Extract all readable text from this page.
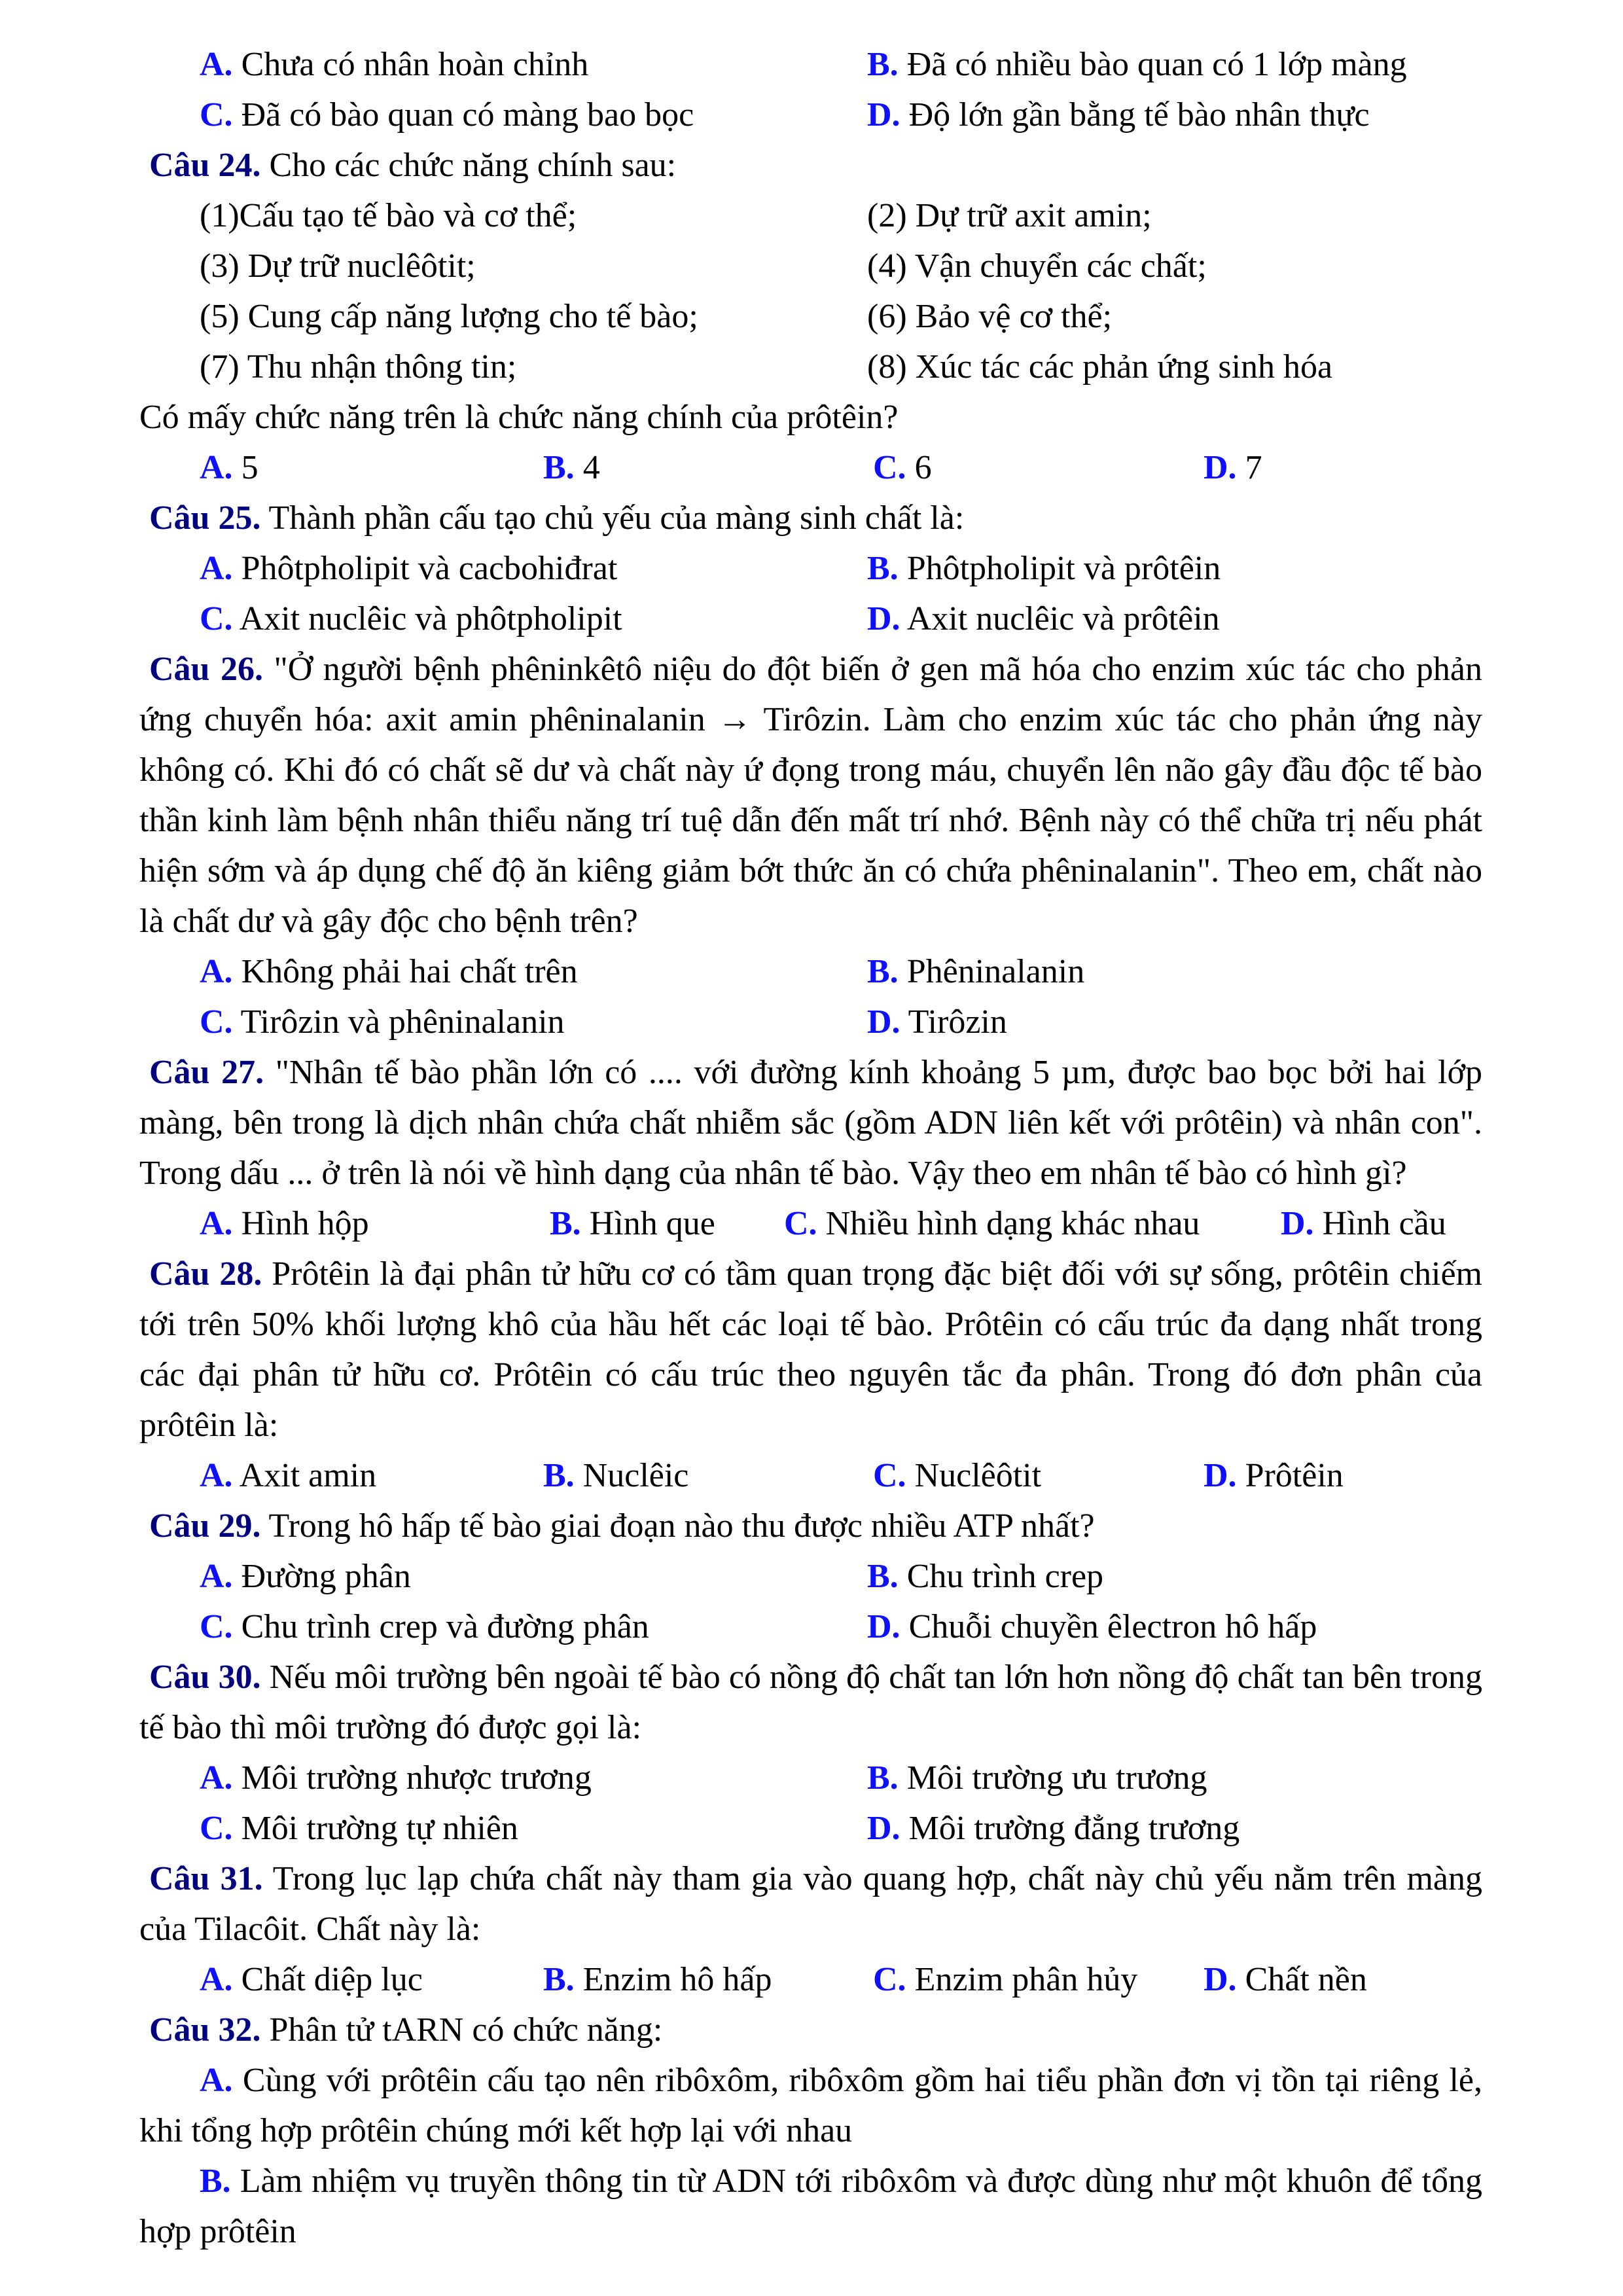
A. Chưa có nhân hoàn chỉnh	B. Đã có nhiều bào quan có 1 lớp màng
C. Đã có bào quan có màng bao bọc	D. Độ lớn gần bằng tế bào nhân thực

Câu 24. Cho các chức năng chính sau:

(1)Cấu tạo tế bào và cơ thể;	(2) Dự trữ axit amin;
(3) Dự trữ nuclêôtit;	(4) Vận chuyển các chất;
(5) Cung cấp năng lượng cho tế bào;	(6) Bảo vệ cơ thể;
(7) Thu nhận thông tin;	(8) Xúc tác các phản ứng sinh hóa

Có mấy chức năng trên là chức năng chính của prôtêin?

A. 5	B. 4	C. 6	D. 7

Câu 25. Thành phần cấu tạo chủ yếu của màng sinh chất là:

A. Phôtpholipit và cacbohiđrat	B. Phôtpholipit và prôtêin
C. Axit nuclêic và phôtpholipit	D. Axit nuclêic và prôtêin

Câu 26. "Ở người bệnh phêninkêtô niệu do đột biến ở gen mã hóa cho enzim xúc tác cho phản ứng chuyển hóa: axit amin phêninalanin → Tirôzin. Làm cho enzim xúc tác cho phản ứng này không có. Khi đó có chất sẽ dư và chất này ứ đọng trong máu, chuyển lên não gây đầu độc tế bào thần kinh làm bệnh nhân thiểu năng trí tuệ dẫn đến mất trí nhớ. Bệnh này có thể chữa trị nếu phát hiện sớm và áp dụng chế độ ăn kiêng giảm bớt thức ăn có chứa phêninalanin". Theo em, chất nào là chất dư và gây độc cho bệnh trên?

A. Không phải hai chất trên	B. Phêninalanin
C. Tirôzin và phêninalanin	D. Tirôzin

Câu 27. "Nhân tế bào phần lớn có .... với đường kính khoảng 5 µm, được bao bọc bởi hai lớp màng, bên trong là dịch nhân chứa chất nhiễm sắc (gồm ADN liên kết với prôtêin) và nhân con". Trong dấu ... ở trên là nói về hình dạng của nhân tế bào. Vậy theo em nhân tế bào có hình gì?

A. Hình hộp	B. Hình que	C. Nhiều hình dạng khác nhau	D. Hình cầu

Câu 28. Prôtêin là đại phân tử hữu cơ có tầm quan trọng đặc biệt đối với sự sống, prôtêin chiếm tới trên 50% khối lượng khô của hầu hết các loại tế bào. Prôtêin có cấu trúc đa dạng nhất trong các đại phân tử hữu cơ. Prôtêin có cấu trúc theo nguyên tắc đa phân. Trong đó đơn phân của prôtêin là:

A. Axit amin	B. Nuclêic	C. Nuclêôtit	D. Prôtêin

Câu 29. Trong hô hấp tế bào giai đoạn nào thu được nhiều ATP nhất?

A. Đường phân	B. Chu trình crep
C. Chu trình crep và đường phân	D. Chuỗi chuyền êlectron hô hấp

Câu 30. Nếu môi trường bên ngoài tế bào có nồng độ chất tan lớn hơn nồng độ chất tan bên trong tế bào thì môi trường đó được gọi là:

A. Môi trường nhược trương	B. Môi trường ưu trương
C. Môi trường tự nhiên	D. Môi trường đẳng trương

Câu 31. Trong lục lạp chứa chất này tham gia vào quang hợp, chất này chủ yếu nằm trên màng của Tilacôit. Chất này là:

A. Chất diệp lục	B. Enzim hô hấp	C. Enzim phân hủy	D. Chất nền

Câu 32. Phân tử tARN có chức năng:

A. Cùng với prôtêin cấu tạo nên ribôxôm, ribôxôm gồm hai tiểu phần đơn vị tồn tại riêng lẻ, khi tổng hợp prôtêin chúng mới kết hợp lại với nhau

B. Làm nhiệm vụ truyền thông tin từ ADN tới ribôxôm và được dùng như một khuôn để tổng hợp prôtêin
